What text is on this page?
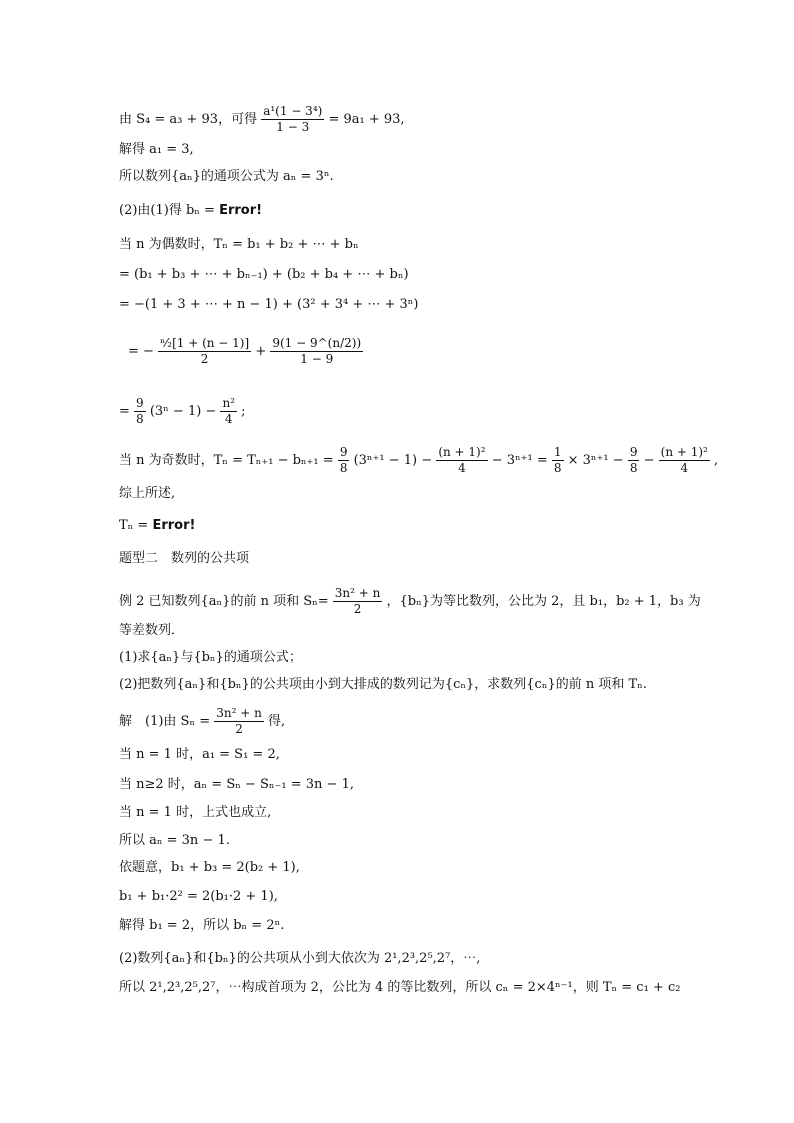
由 S₄ = a₃ + 93，可得 $\frac{\text{a¹(1 − 3⁴)}}{1 - 3} = 9a_1 + 93$,
解得 a₁ = 3,
所以数列{aₙ}的通项公式为 aₙ = 3ⁿ.
(2)由(1)得 bₙ = Error!
当 n 为偶数时，Tₙ = b₁ + b₂ + ⋯ + bₙ
= (b₁ + b₃ + ⋯ + bₙ₋₁) + (b₂ + b₄ + ⋯ + bₙ)
= −(1 + 3 + ⋯ + n − 1) + (3² + 3⁴ + ⋯ + 3ⁿ)
= − $\frac{\text{ⁿ⁄₂[1 + (n − 1)]}}{2} + \frac{9(1 - 9\^{}(n/2))}{1 - 9}$
= $\frac{9}{8} (3^n - 1) - \frac{\text{n²}}{4}$ ;
当 n 为奇数时，$T_n = T_{n+1} - b_{n+1} = \frac{9}{8} (3^{n+1} - 1) - \frac{\text{(n + 1)²}}{4} - 3^{n+1} = \frac{1}{8} \times 3^{n+1} - \frac{9}{8} - \frac{\text{(n + 1)²}}{4}$ ,
综上所述,
Tₙ = Error!
题型二　数列的公共项
例 2 已知数列{aₙ}的前 n 项和 $S_n= \frac{\text{3n² + n}}{2}$ ，{bₙ}为等比数列，公比为 2，且 b₁，b₂ + 1，b₃ 为
等差数列．
(1)求{aₙ}与{bₙ}的通项公式；
(2)把数列{aₙ}和{bₙ}的公共项由小到大排成的数列记为{cₙ}，求数列{cₙ}的前 n 项和 Tₙ.
解　(1)由 $S_n = \frac{\text{3n² + n}}{2}$ 得,
当 n = 1 时，a₁ = S₁ = 2,
当 n≥2 时，aₙ = Sₙ − Sₙ₋₁ = 3n − 1,
当 n = 1 时，上式也成立,
所以 aₙ = 3n − 1.
依题意，b₁ + b₃ = 2(b₂ + 1),
b₁ + b₁·2² = 2(b₁·2 + 1),
解得 b₁ = 2，所以 bₙ = 2ⁿ.
(2)数列{aₙ}和{bₙ}的公共项从小到大依次为 2¹,2³,2⁵,2⁷，⋯,
所以 2¹,2³,2⁵,2⁷，⋯构成首项为 2，公比为 4 的等比数列，所以 cₙ = 2×4ⁿ⁻¹，则 Tₙ = c₁ + c₂
